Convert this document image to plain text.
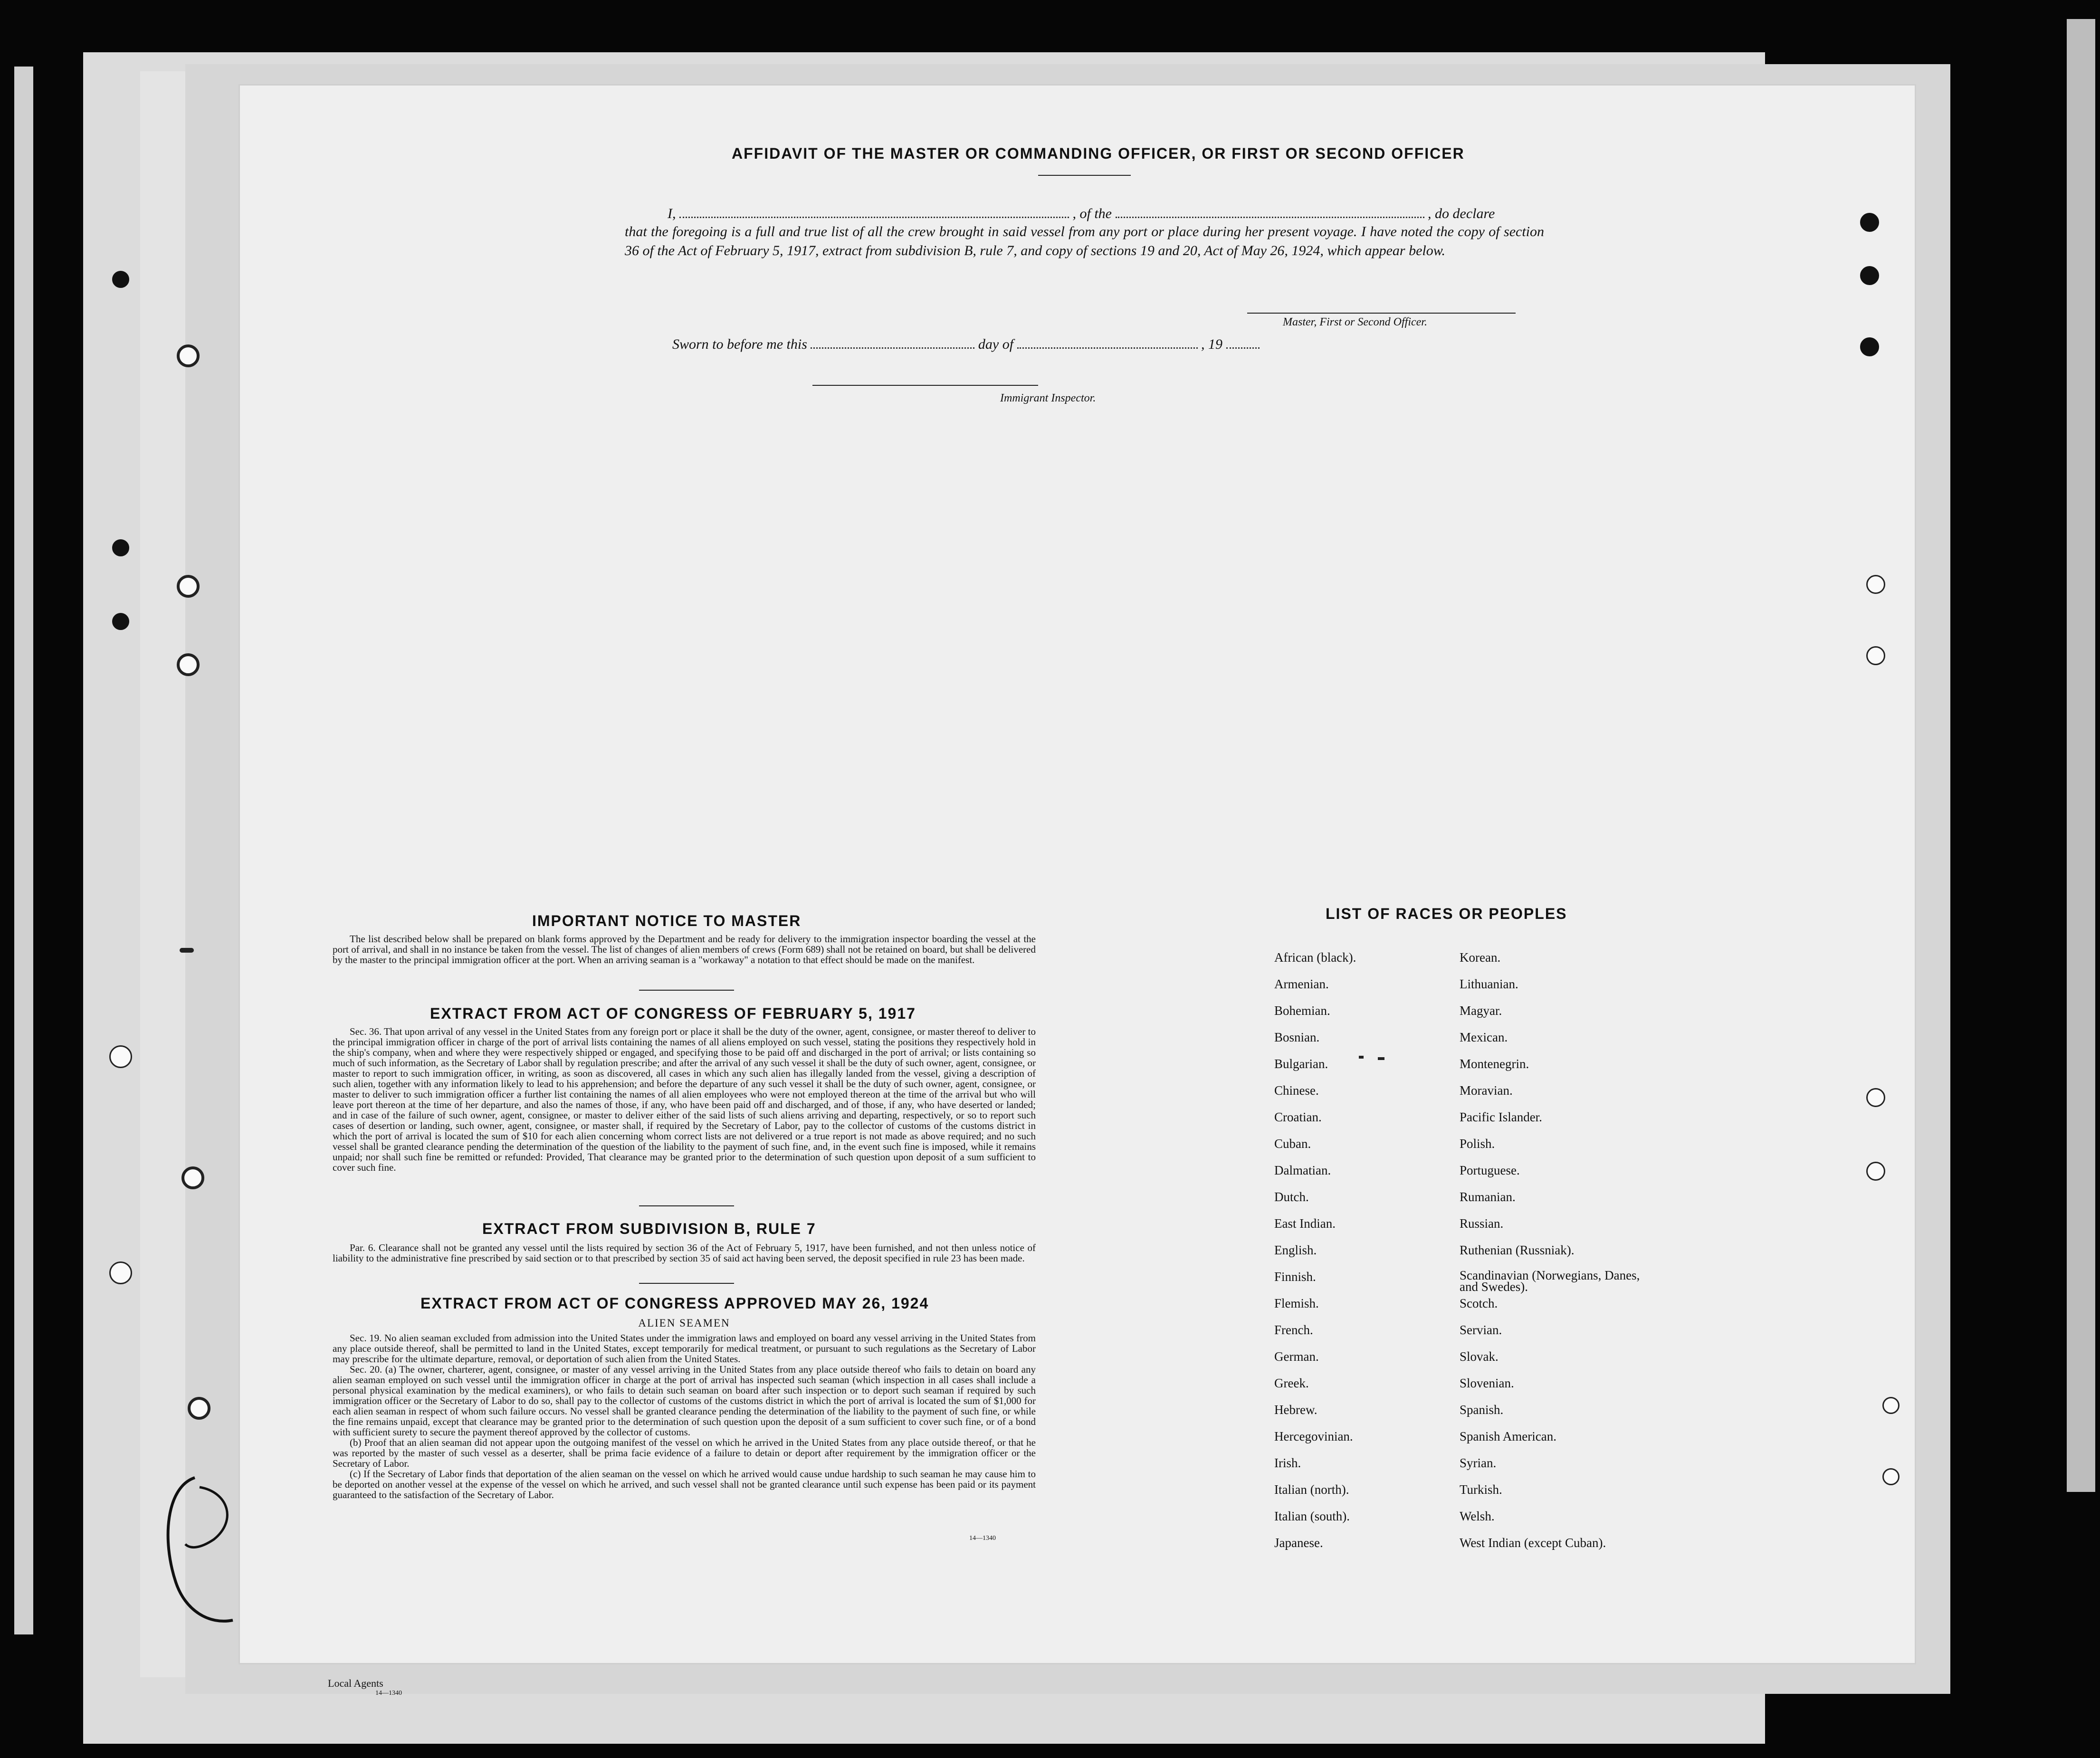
AFFIDAVIT OF THE MASTER OR COMMANDING OFFICER, OR FIRST OR SECOND OFFICER
I,	, of the	, do declare
that the foregoing is a full and true list of all the crew brought in said vessel from any port or place during her present voyage. I have noted the copy of section 36 of the Act of February 5, 1917, extract from subdivision B, rule 7, and copy of sections 19 and 20, Act of May 26, 1924, which appear below.
Master, First or Second Officer.
Sworn to before me this	day of	, 19
Immigrant Inspector.
IMPORTANT NOTICE TO MASTER
The list described below shall be prepared on blank forms approved by the Department and be ready for delivery to the immigration inspector boarding the vessel at the port of arrival, and shall in no instance be taken from the vessel. The list of changes of alien members of crews (Form 689) shall not be retained on board, but shall be delivered by the master to the principal immigration officer at the port. When an arriving seaman is a "workaway" a notation to that effect should be made on the manifest.
EXTRACT FROM ACT OF CONGRESS OF FEBRUARY 5, 1917
Sec. 36. That upon arrival of any vessel in the United States from any foreign port or place it shall be the duty of the owner, agent, consignee, or master thereof to deliver to the principal immigration officer in charge of the port of arrival lists containing the names of all aliens employed on such vessel, stating the positions they respectively hold in the ship's company, when and where they were respectively shipped or engaged, and specifying those to be paid off and discharged in the port of arrival; or lists containing so much of such information, as the Secretary of Labor shall by regulation prescribe; and after the arrival of any such vessel it shall be the duty of such owner, agent, consignee, or master to report to such immigration officer, in writing, as soon as discovered, all cases in which any such alien has illegally landed from the vessel, giving a description of such alien, together with any information likely to lead to his apprehension; and before the departure of any such vessel it shall be the duty of such owner, agent, consignee, or master to deliver to such immigration officer a further list containing the names of all alien employees who were not employed thereon at the time of the arrival but who will leave port thereon at the time of her departure, and also the names of those, if any, who have been paid off and discharged, and of those, if any, who have deserted or landed; and in case of the failure of such owner, agent, consignee, or master to deliver either of the said lists of such aliens arriving and departing, respectively, or so to report such cases of desertion or landing, such owner, agent, consignee, or master shall, if required by the Secretary of Labor, pay to the collector of customs of the customs district in which the port of arrival is located the sum of $10 for each alien concerning whom correct lists are not delivered or a true report is not made as above required; and no such vessel shall be granted clearance pending the determination of the question of the liability to the payment of such fine, and, in the event such fine is imposed, while it remains unpaid; nor shall such fine be remitted or refunded: Provided, That clearance may be granted prior to the determination of such question upon deposit of a sum sufficient to cover such fine.
EXTRACT FROM SUBDIVISION B, RULE 7
Par. 6. Clearance shall not be granted any vessel until the lists required by section 36 of the Act of February 5, 1917, have been furnished, and not then unless notice of liability to the administrative fine prescribed by said section or to that prescribed by section 35 of said act having been served, the deposit specified in rule 23 has been made.
EXTRACT FROM ACT OF CONGRESS APPROVED MAY 26, 1924
ALIEN SEAMEN
Sec. 19. No alien seaman excluded from admission into the United States under the immigration laws and employed on board any vessel arriving in the United States from any place outside thereof, shall be permitted to land in the United States, except temporarily for medical treatment, or pursuant to such regulations as the Secretary of Labor may prescribe for the ultimate departure, removal, or deportation of such alien from the United States.
Sec. 20. (a) The owner, charterer, agent, consignee, or master of any vessel arriving in the United States from any place outside thereof who fails to detain on board any alien seaman employed on such vessel until the immigration officer in charge at the port of arrival has inspected such seaman (which inspection in all cases shall include a personal physical examination by the medical examiners), or who fails to detain such seaman on board after such inspection or to deport such seaman if required by such immigration officer or the Secretary of Labor to do so, shall pay to the collector of customs of the customs district in which the port of arrival is located the sum of $1,000 for each alien seaman in respect of whom such failure occurs. No vessel shall be granted clearance pending the determination of the liability to the payment of such fine, or while the fine remains unpaid, except that clearance may be granted prior to the determination of such question upon the deposit of a sum sufficient to cover such fine, or of a bond with sufficient surety to secure the payment thereof approved by the collector of customs.
(b) Proof that an alien seaman did not appear upon the outgoing manifest of the vessel on which he arrived in the United States from any place outside thereof, or that he was reported by the master of such vessel as a deserter, shall be prima facie evidence of a failure to detain or deport after requirement by the immigration officer or the Secretary of Labor.
(c) If the Secretary of Labor finds that deportation of the alien seaman on the vessel on which he arrived would cause undue hardship to such seaman he may cause him to be deported on another vessel at the expense of the vessel on which he arrived, and such vessel shall not be granted clearance until such expense has been paid or its payment guaranteed to the satisfaction of the Secretary of Labor.
14—1340
LIST OF RACES OR PEOPLES
African (black).
Armenian.
Bohemian.
Bosnian.
Bulgarian.
Chinese.
Croatian.
Cuban.
Dalmatian.
Dutch.
East Indian.
English.
Finnish.
Flemish.
French.
German.
Greek.
Hebrew.
Hercegovinian.
Irish.
Italian (north).
Italian (south).
Japanese.
Korean.
Lithuanian.
Magyar.
Mexican.
Montenegrin.
Moravian.
Pacific Islander.
Polish.
Portuguese.
Rumanian.
Russian.
Ruthenian (Russniak).
Scandinavian (Norwegians, Danes, and Swedes).
Scotch.
Servian.
Slovak.
Slovenian.
Spanish.
Spanish American.
Syrian.
Turkish.
Welsh.
West Indian (except Cuban).
Local Agents
14—1340
